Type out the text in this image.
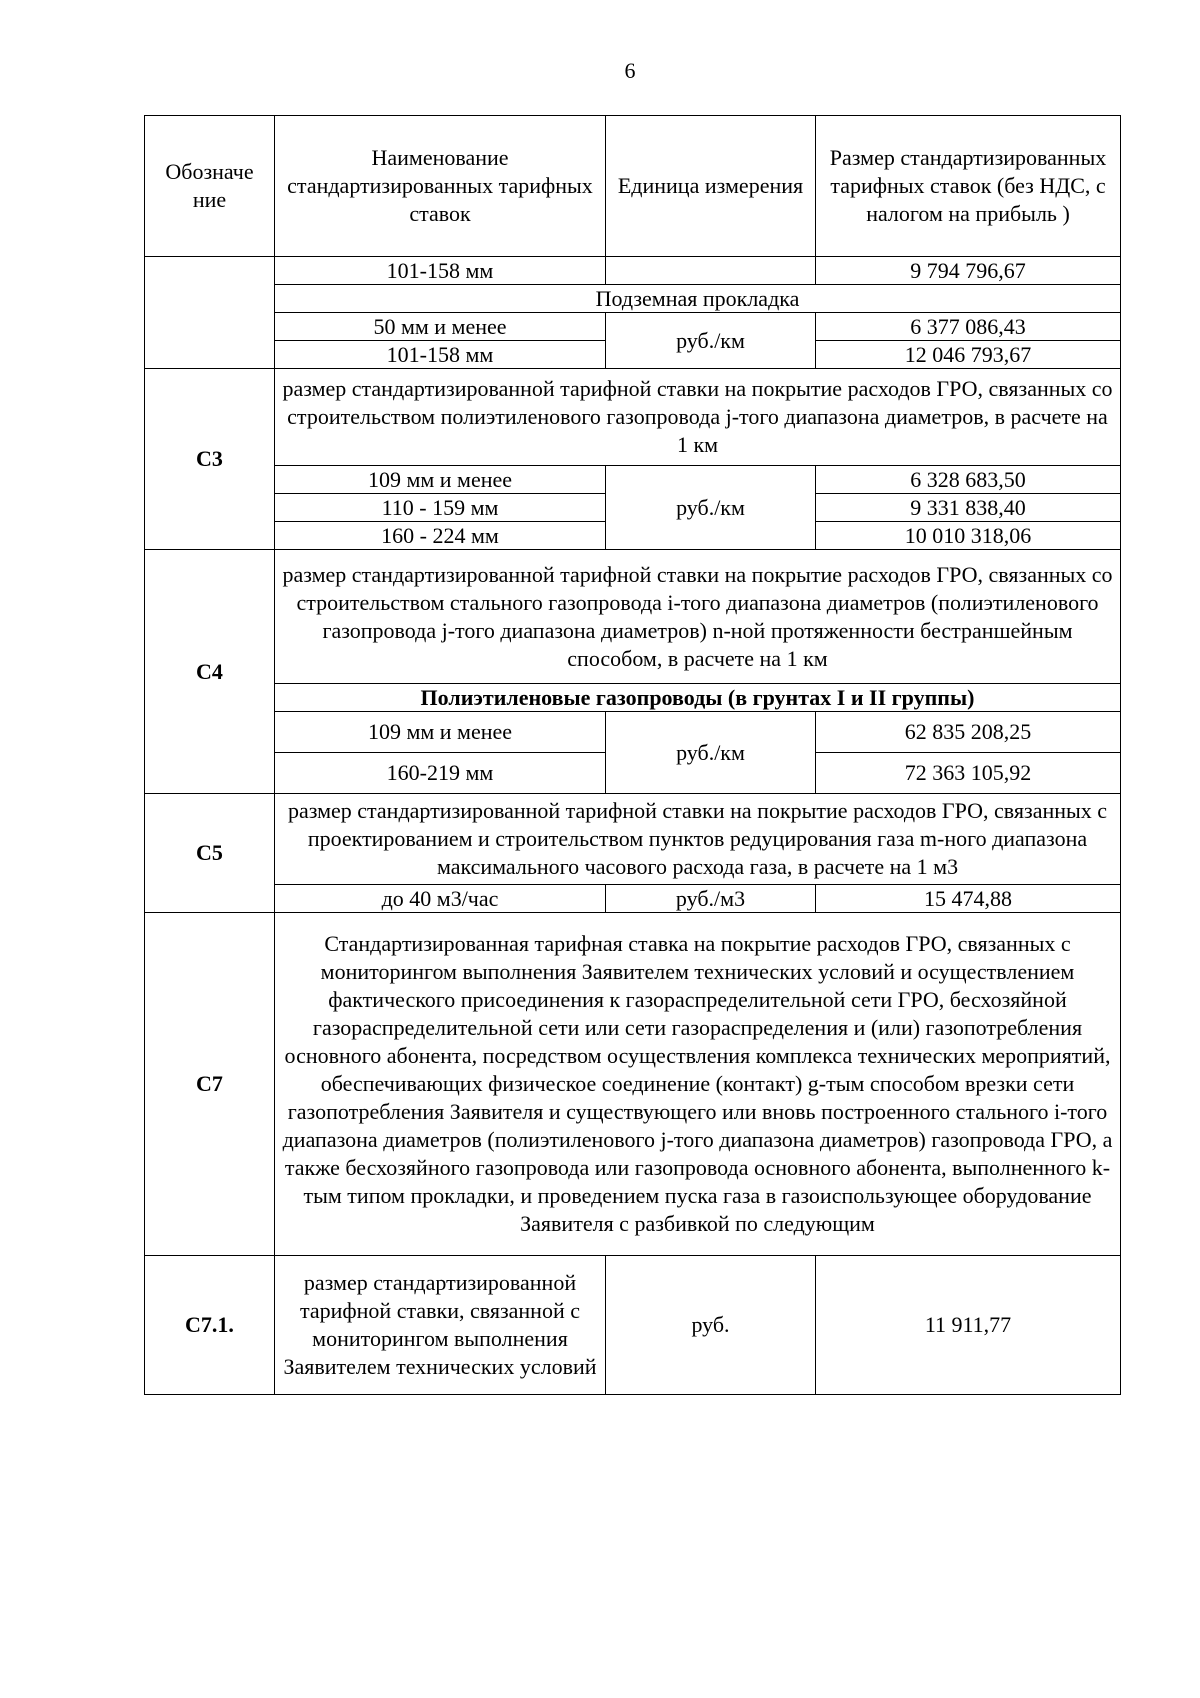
6
Обозначе ние	Наименование стандартизированных тарифных ставок	Единица измерения	Размер стандартизированных тарифных ставок (без НДС, с налогом на прибыль )
	101-158 мм		9 794 796,67
	Подземная прокладка		
	50 мм и менее	руб./км	6 377 086,43
	101-158 мм		12 046 793,67
С3	размер стандартизированной тарифной ставки на покрытие расходов ГРО, связанных со строительством полиэтиленового газопровода j-того диапазона диаметров, в расчете на 1 км		
	109 мм и менее	руб./км	6 328 683,50
	110 - 159 мм		9 331 838,40
	160 - 224 мм		10 010 318,06
С4	размер стандартизированной тарифной ставки на покрытие расходов ГРО, связанных со строительством стального газопровода i-того диапазона диаметров (полиэтиленового газопровода j-того диапазона диаметров) n-ной протяженности бестраншейным способом, в расчете на 1 км		
	Полиэтиленовые газопроводы (в грунтах I и II группы)		
	109 мм и менее	руб./км	62 835 208,25
	160-219 мм		72 363 105,92
С5	размер стандартизированной тарифной ставки на покрытие расходов ГРО, связанных с проектированием и строительством пунктов редуцирования газа m-ного диапазона максимального часового расхода газа, в расчете на 1 м3		
	до 40 м3/час	руб./м3	15 474,88
С7	Стандартизированная тарифная ставка на покрытие расходов ГРО, связанных с мониторингом выполнения Заявителем технических условий и осуществлением фактического присоединения к газораспределительной сети ГРО, бесхозяйной газораспределительной сети или сети газораспределения и (или) газопотребления основного абонента, посредством осуществления комплекса технических мероприятий, обеспечивающих физическое соединение (контакт) g-тым способом врезки сети газопотребления Заявителя и существующего или вновь построенного стального i-того диапазона диаметров (полиэтиленового j-того диапазона диаметров) газопровода ГРО, а также бесхозяйного газопровода или газопровода основного абонента, выполненного k-тым типом прокладки, и проведением пуска газа в газоиспользующее оборудование Заявителя с разбивкой по следующим		
С7.1.	размер стандартизированной тарифной ставки, связанной с мониторингом выполнения Заявителем технических условий	руб.	11 911,77
